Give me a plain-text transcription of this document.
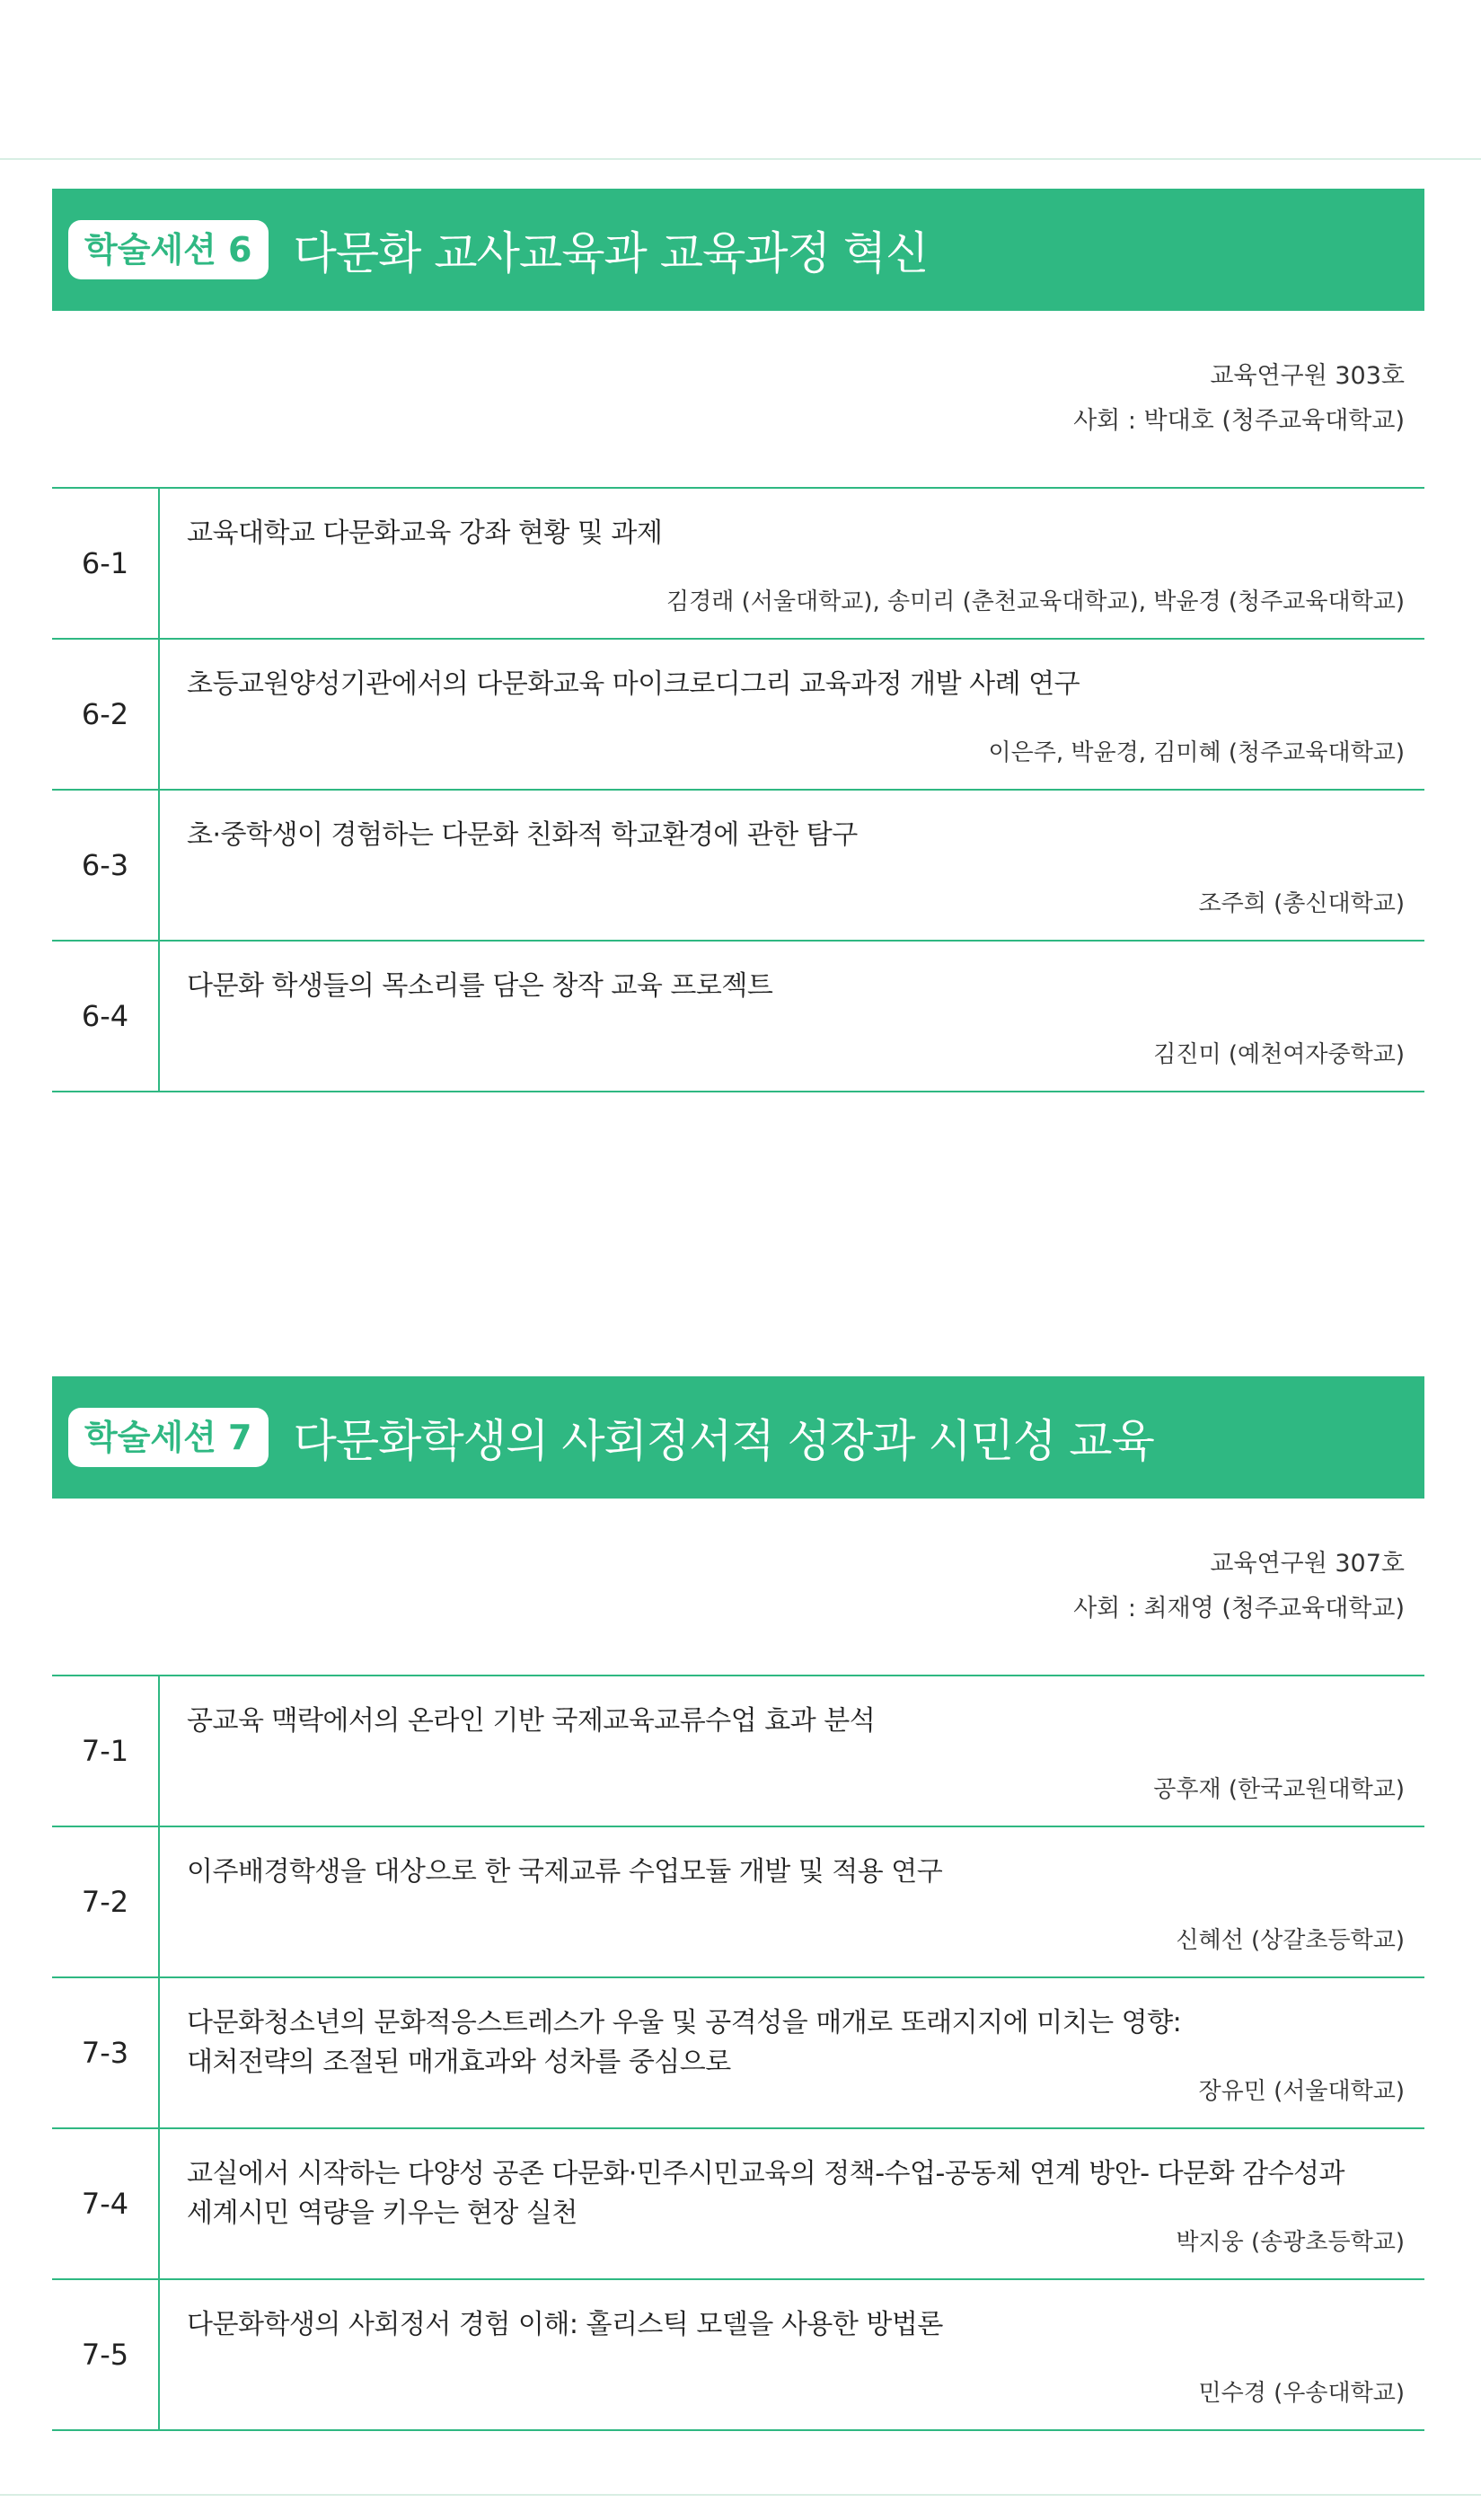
학술세션 6 다문화 교사교육과 교육과정 혁신
교육연구원 303호
사회 : 박대호 (청주교육대학교)
6-1
교육대학교 다문화교육 강좌 현황 및 과제
김경래 (서울대학교), 송미리 (춘천교육대학교), 박윤경 (청주교육대학교)
6-2
초등교원양성기관에서의 다문화교육 마이크로디그리 교육과정 개발 사례 연구
이은주, 박윤경, 김미혜 (청주교육대학교)
6-3
초·중학생이 경험하는 다문화 친화적 학교환경에 관한 탐구
조주희 (총신대학교)
6-4
다문화 학생들의 목소리를 담은 창작 교육 프로젝트
김진미 (예천여자중학교)
학술세션 7 다문화학생의 사회정서적 성장과 시민성 교육
교육연구원 307호
사회 : 최재영 (청주교육대학교)
7-1
공교육 맥락에서의 온라인 기반 국제교육교류수업 효과 분석
공후재 (한국교원대학교)
7-2
이주배경학생을 대상으로 한 국제교류 수업모듈 개발 및 적용 연구
신혜선 (상갈초등학교)
7-3
다문화청소년의 문화적응스트레스가 우울 및 공격성을 매개로 또래지지에 미치는 영향:
대처전략의 조절된 매개효과와 성차를 중심으로
장유민 (서울대학교)
7-4
교실에서 시작하는 다양성 공존 다문화·민주시민교육의 정책-수업-공동체 연계 방안- 다문화 감수성과
세계시민 역량을 키우는 현장 실천
박지웅 (송광초등학교)
7-5
다문화학생의 사회정서 경험 이해: 홀리스틱 모델을 사용한 방법론
민수경 (우송대학교)
